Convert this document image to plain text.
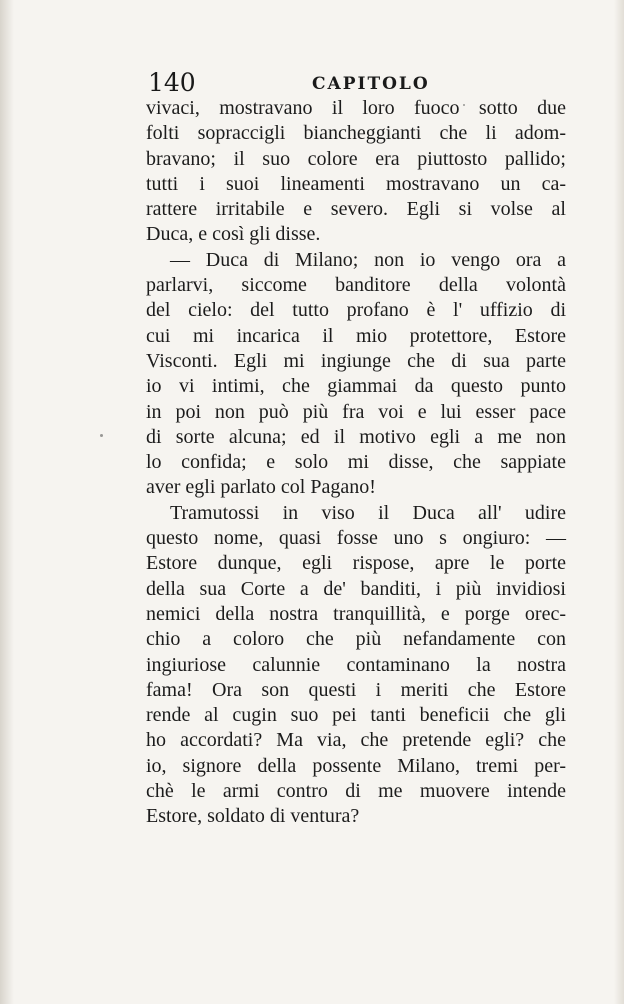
140	CAPITOLO
vivaci, mostravano il loro fuoco sotto due
folti sopraccigli biancheggianti che li adom-
bravano; il suo colore era piuttosto pallido;
tutti i suoi lineamenti mostravano un ca-
rattere irritabile e severo. Egli si volse al
Duca, e così gli disse.
— Duca di Milano; non io vengo ora a
parlarvi, siccome banditore della volontà
del cielo: del tutto profano è l' uffizio di
cui mi incarica il mio protettore, Estore
Visconti. Egli mi ingiunge che di sua parte
io vi intimi, che giammai da questo punto
in poi non può più fra voi e lui esser pace
di sorte alcuna; ed il motivo egli a me non
lo confida; e solo mi disse, che sappiate
aver egli parlato col Pagano!
Tramutossi in viso il Duca all' udire
questo nome, quasi fosse uno s ongiuro: —
Estore dunque, egli rispose, apre le porte
della sua Corte a de' banditi, i più invidiosi
nemici della nostra tranquillità, e porge orec-
chio a coloro che più nefandamente con
ingiuriose calunnie contaminano la nostra
fama! Ora son questi i meriti che Estore
rende al cugin suo pei tanti beneficii che gli
ho accordati? Ma via, che pretende egli? che
io, signore della possente Milano, tremi per-
chè le armi contro di me muovere intende
Estore, soldato di ventura?
